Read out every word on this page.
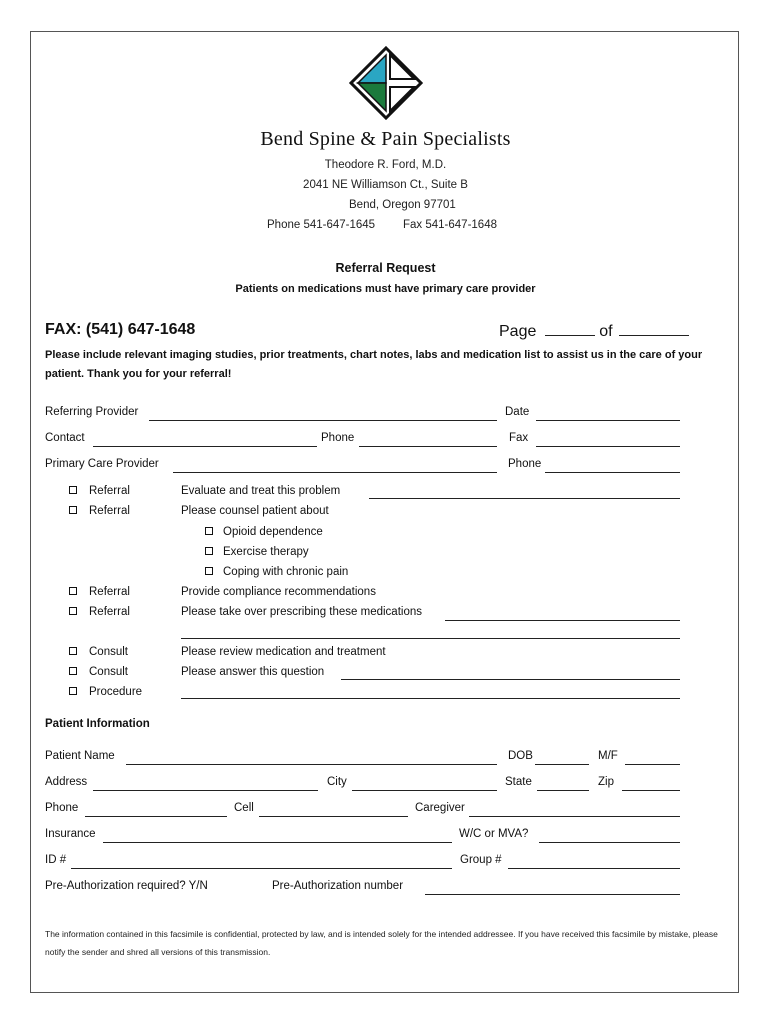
Bend Spine & Pain Specialists
Theodore R. Ford, M.D.
2041 NE Williamson Ct., Suite B
Bend, Oregon 97701
Phone 541-647-1645 Fax 541-647-1648
Referral Request
Patients on medications must have primary care provider
FAX: (541) 647-1648	Page	of
Please include relevant imaging studies, prior treatments, chart notes, labs and medication list to assist us in the care of your patient. Thank you for your referral!
Referring Provider	Date
Contact	Phone	Fax
Primary Care Provider	Phone
Referral	Evaluate and treat this problem
Referral	Please counsel patient about
Opioid dependence
Exercise therapy
Coping with chronic pain
Referral	Provide compliance recommendations
Referral	Please take over prescribing these medications
Consult	Please review medication and treatment
Consult	Please answer this question
Procedure
Patient Information
Patient Name	DOB	M/F
Address	City	State	Zip
Phone	Cell	Caregiver
Insurance	W/C or MVA?
ID #	Group #
Pre-Authorization required? Y/N	Pre-Authorization number
The information contained in this facsimile is confidential, protected by law, and is intended solely for the intended addressee. If you have received this facsimile by mistake, please notify the sender and shred all versions of this transmission.
